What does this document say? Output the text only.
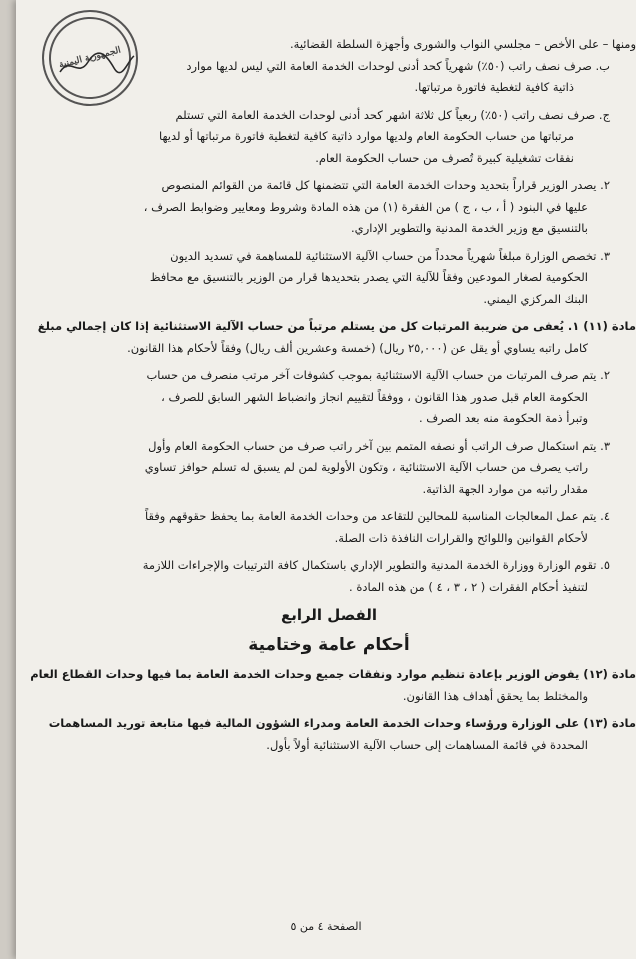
الجمهورية اليمنية
ومنها – على الأخص – مجلسي النواب والشورى وأجهزة السلطة القضائية.
ب. صرف نصف راتب (٥٠٪) شهرياً كحد أدنى لوحدات الخدمة العامة التي ليس لديها موارد
ذاتية كافية لتغطية فاتورة مرتباتها.
ج. صرف نصف راتب (٥٠٪) ربعياً كل ثلاثة اشهر كحد أدنى لوحدات الخدمة العامة التي تستلم
مرتباتها من حساب الحكومة العام ولديها موارد ذاتية كافية لتغطية فاتورة مرتباتها أو لديها
نفقات تشغيلية كبيرة تُصرف من حساب الحكومة العام.
٢. يصدر الوزير قراراً بتحديد وحدات الخدمة العامة التي تتضمنها كل قائمة من القوائم المنصوص
عليها في البنود ( أ ، ب ، ج ) من الفقرة (١) من هذه المادة وشروط ومعايير وضوابط الصرف ،
بالتنسيق مع وزير الخدمة المدنية والتطوير الإداري.
٣. تخصص الوزارة مبلغاً شهرياً محدداً من حساب الآلية الاستثنائية للمساهمة في تسديد الديون
الحكومية لصغار المودعين وفقاً للآلية التي يصدر بتحديدها قرار من الوزير بالتنسيق مع محافظ
البنك المركزي اليمني.
مادة (١١) ١. يُعفى من ضريبة المرتبات كل من يستلم مرتباً من حساب الآلية الاستثنائية إذا كان إجمالي مبلغ
كامل راتبه يساوي أو يقل عن (٢٥,٠٠٠ ريال) (خمسة وعشرين ألف ريال) وفقاً لأحكام هذا القانون.
٢. يتم صرف المرتبات من حساب الآلية الاستثنائية بموجب كشوفات آخر مرتب منصرف من حساب
الحكومة العام قبل صدور هذا القانون ، ووفقاً لتقييم انجاز وانضباط الشهر السابق للصرف ،
وتبرأ ذمة الحكومة منه بعد الصرف .
٣. يتم استكمال صرف الراتب أو نصفه المتمم بين آخر راتب صرف من حساب الحكومة العام وأول
راتب يصرف من حساب الآلية الاستثنائية ، وتكون الأولوية لمن لم يسبق له تسلم حوافز تساوي
مقدار راتبه من موارد الجهة الذاتية.
٤. يتم عمل المعالجات المناسبة للمحالين للتقاعد من وحدات الخدمة العامة بما يحفظ حقوقهم وفقاً
لأحكام القوانين واللوائح والقرارات النافذة ذات الصلة.
٥. تقوم الوزارة ووزارة الخدمة المدنية والتطوير الإداري باستكمال كافة الترتيبات والإجراءات اللازمة
لتنفيذ أحكام الفقرات ( ٢ ، ٣ ، ٤ ) من هذه المادة .
الفصل الرابع
أحكام عامة وختامية
مادة (١٢) يفوض الوزير بإعادة تنظيم موارد ونفقات جميع وحدات الخدمة العامة بما فيها وحدات القطاع العام
والمختلط بما يحقق أهداف هذا القانون.
مادة (١٣) على الوزارة ورؤساء وحدات الخدمة العامة ومدراء الشؤون المالية فيها متابعة توريد المساهمات
المحددة في قائمة المساهمات إلى حساب الآلية الاستثنائية أولاً بأول.
الصفحة ٤ من ٥
